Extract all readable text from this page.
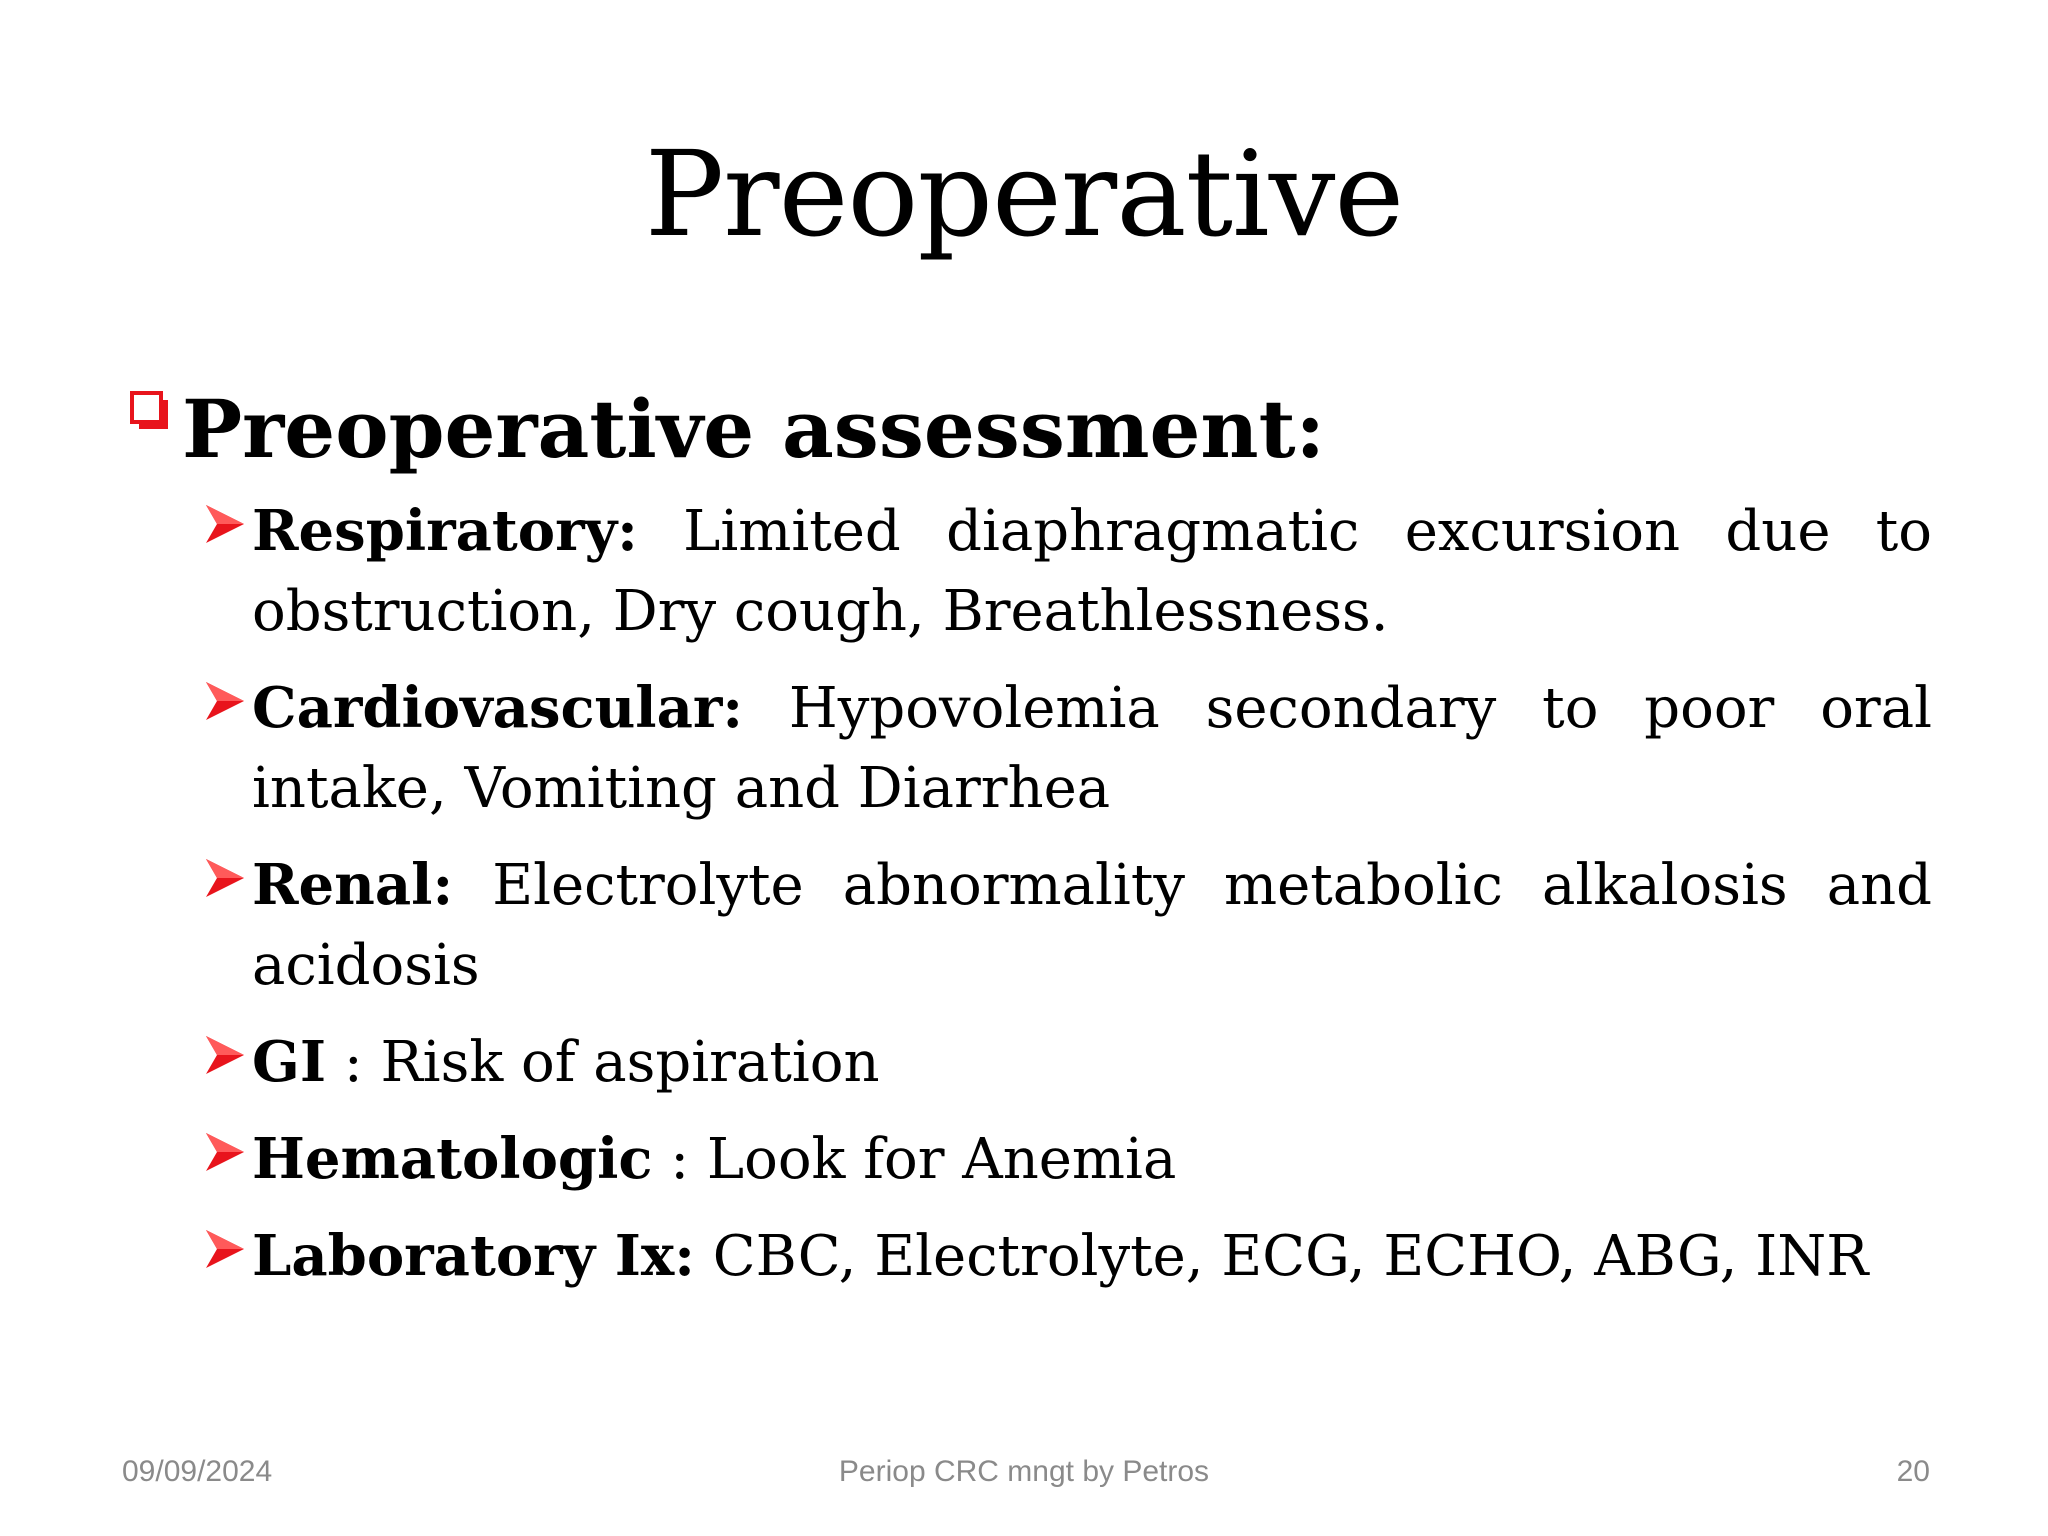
Preoperative
Preoperative assessment:
Respiratory: Limited diaphragmatic excursion due to obstruction, Dry cough, Breathlessness.
Cardiovascular: Hypovolemia secondary to poor oral intake, Vomiting and Diarrhea
Renal: Electrolyte abnormality metabolic alkalosis and acidosis
GI : Risk of aspiration
Hematologic : Look for Anemia
Laboratory Ix: CBC, Electrolyte, ECG, ECHO, ABG, INR
09/09/2024	Periop CRC mngt by Petros	20
